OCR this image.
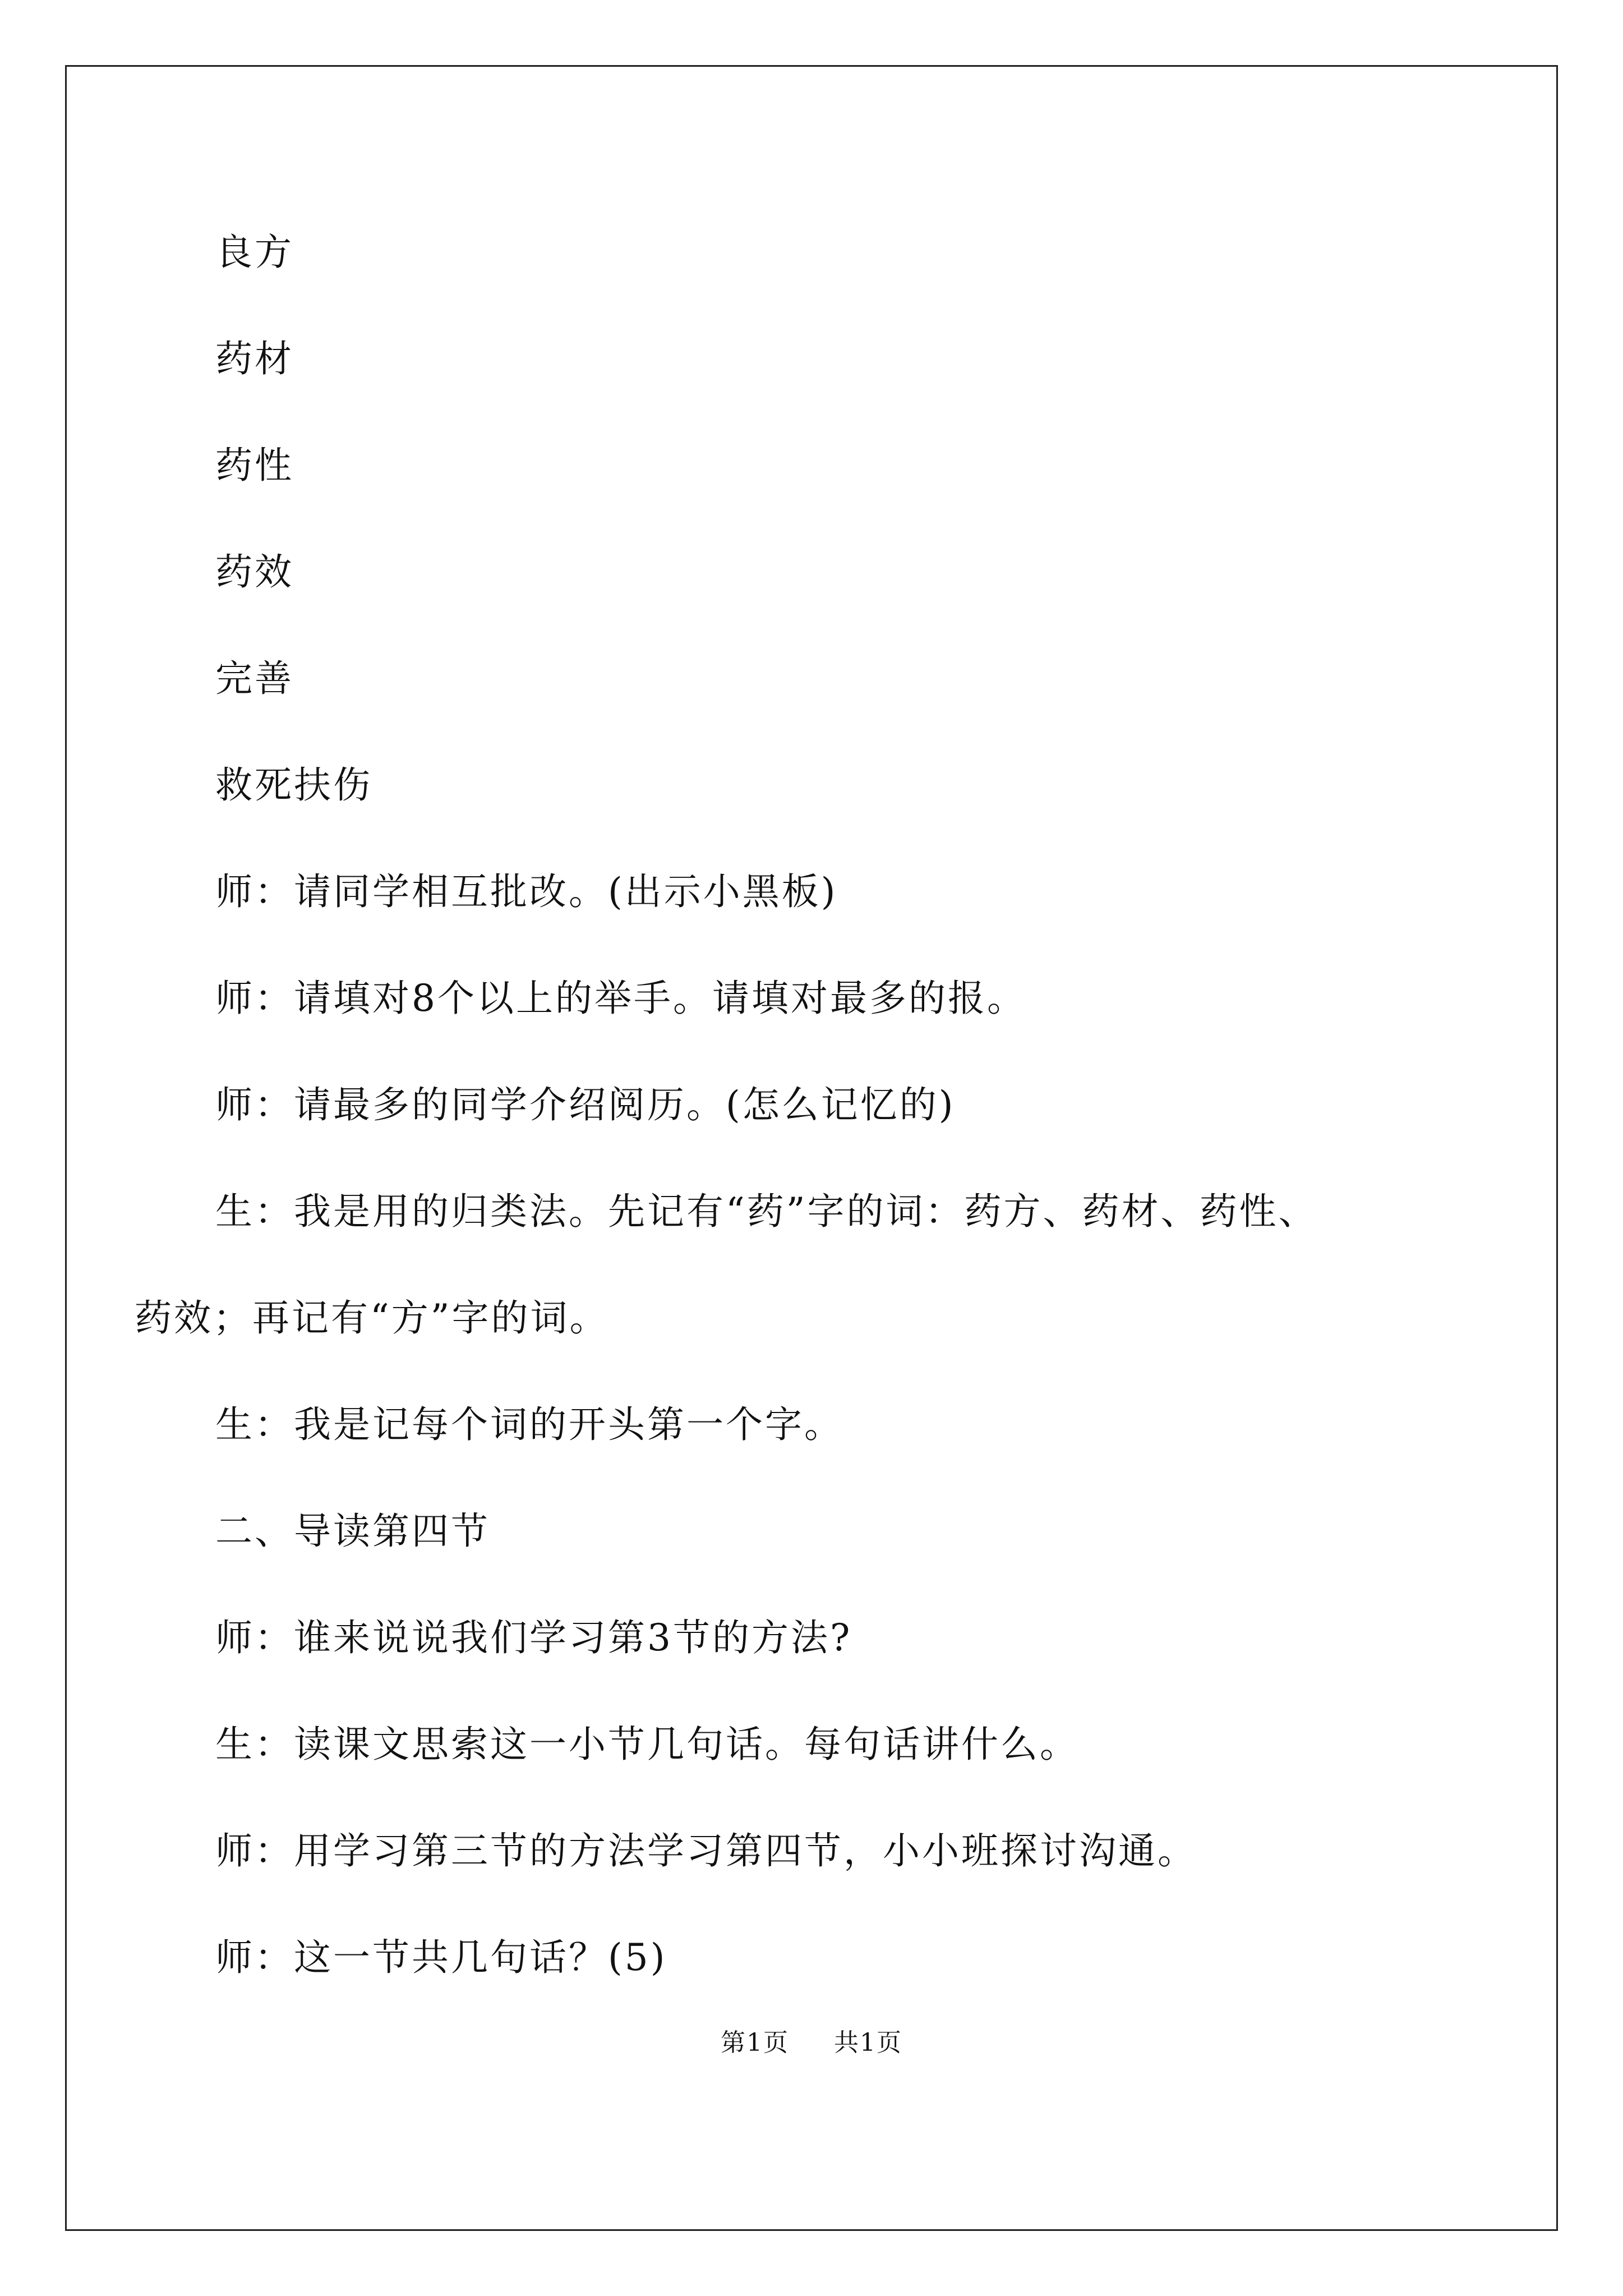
良方

药材

药性

药效

完善

救死扶伤

师：请同学相互批改。(出示小黑板)

师：请填对8个以上的举手。请填对最多的报。

师：请最多的同学介绍阅历。(怎么记忆的)

生：我是用的归类法。先记有“药”字的词：药方、药材、药性、

药效；再记有“方”字的词。

生：我是记每个词的开头第一个字。

二、导读第四节

师：谁来说说我们学习第3节的方法?

生：读课文思索这一小节几句话。每句话讲什么。

师：用学习第三节的方法学习第四节，小小班探讨沟通。

师：这一节共几句话？(5)

第1页 共1页
